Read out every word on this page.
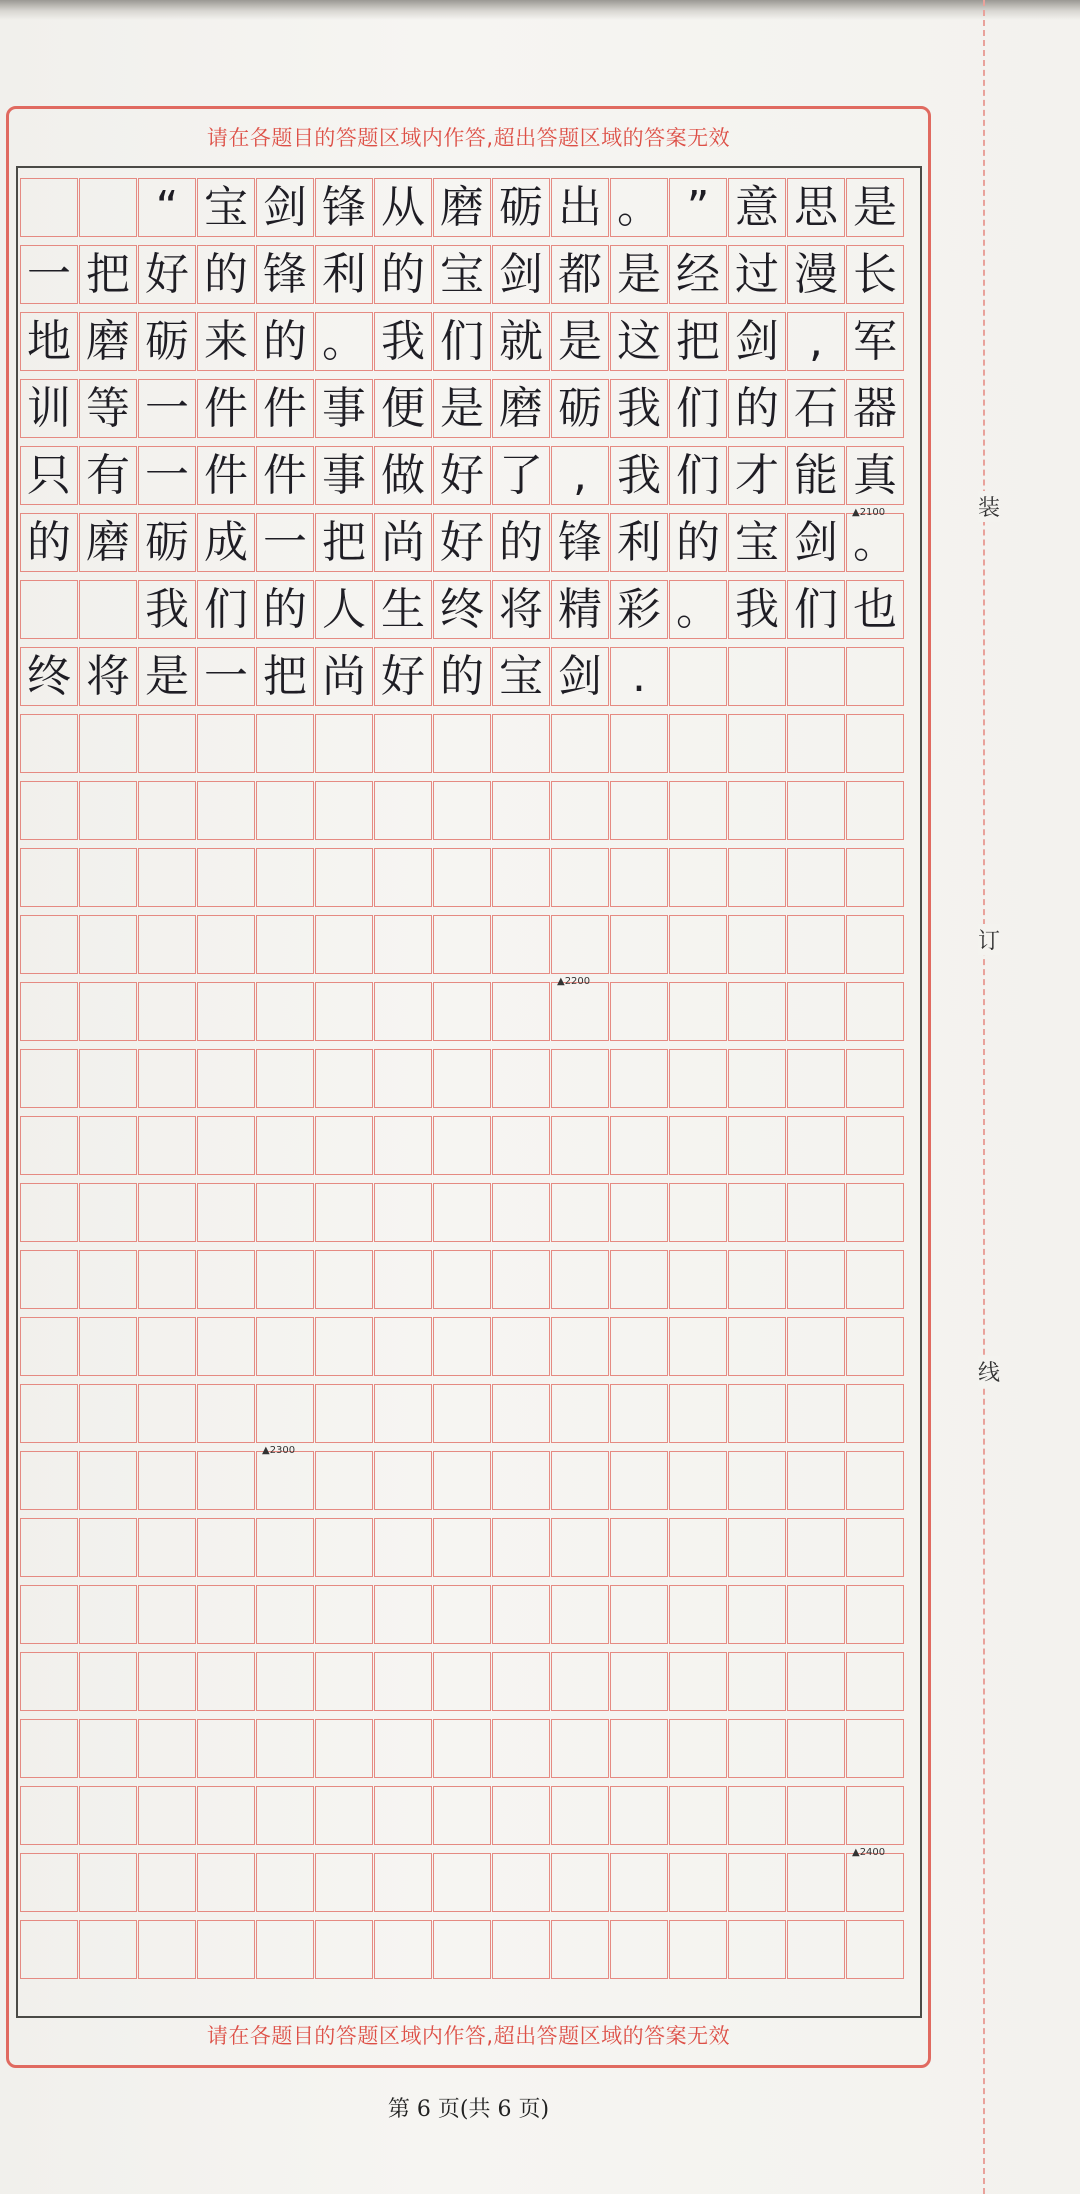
请在各题目的答题区域内作答,超出答题区域的答案无效
“ 宝 剑 锋 从 磨 砺 出 。 ” 意 思 是
一 把 好 的 锋 利 的 宝 剑 都 是 经 过 漫 长
地 磨 砺 来 的 。 我 们 就 是 这 把 剑 , 军
训 等 一 件 件 事 便 是 磨 砺 我 们 的 石 器
只 有 一 件 件 事 做 好 了 , 我 们 才 能 真
的 磨 砺 成 一 把 尚 好 的 锋 利 的 宝 剑 。
我 们 的 人 生 终 将 精 彩 。 我 们 也
终 将 是 一 把 尚 好 的 宝 剑 .
请在各题目的答题区域内作答,超出答题区域的答案无效
装
订
线
第 6 页(共 6 页)
▲2100
▲2200
▲2300
▲2400
